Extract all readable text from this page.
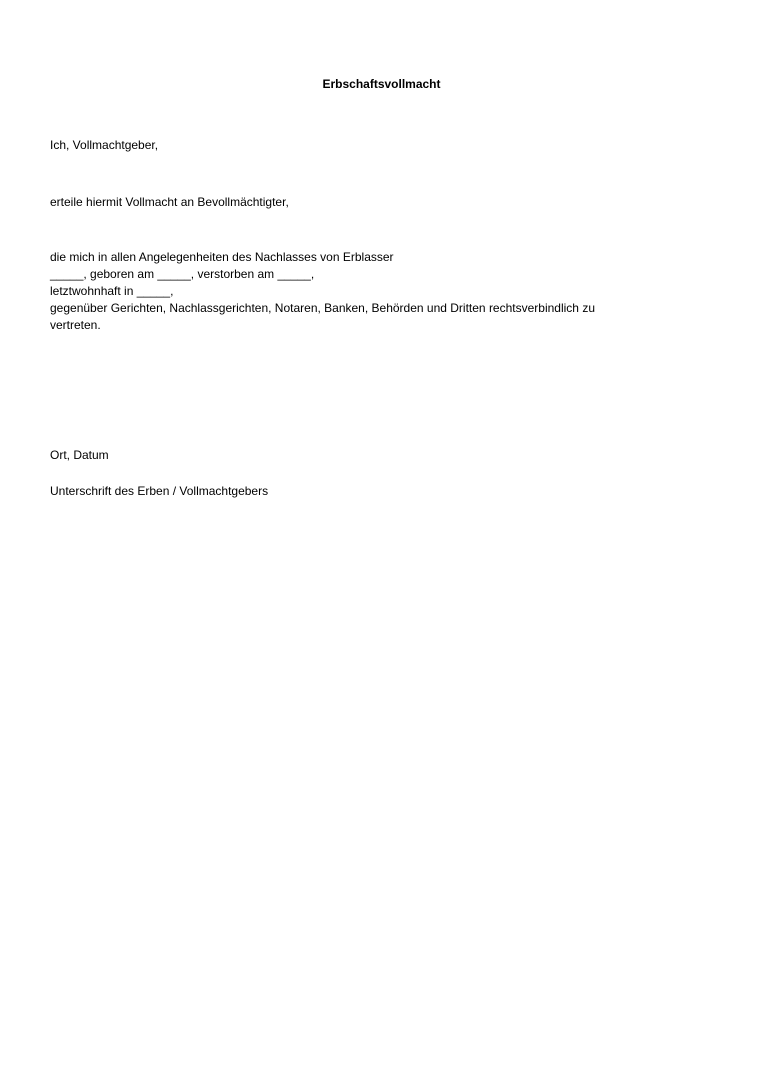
Erbschaftsvollmacht
Ich, Vollmachtgeber,
erteile hiermit Vollmacht an Bevollmächtigter,
die mich in allen Angelegenheiten des Nachlasses von Erblasser
_____, geboren am _____, verstorben am _____,
letztwohnhaft in _____,
gegenüber Gerichten, Nachlassgerichten, Notaren, Banken, Behörden und Dritten rechtsverbindlich zu
vertreten.
Ort, Datum
Unterschrift des Erben / Vollmachtgebers
